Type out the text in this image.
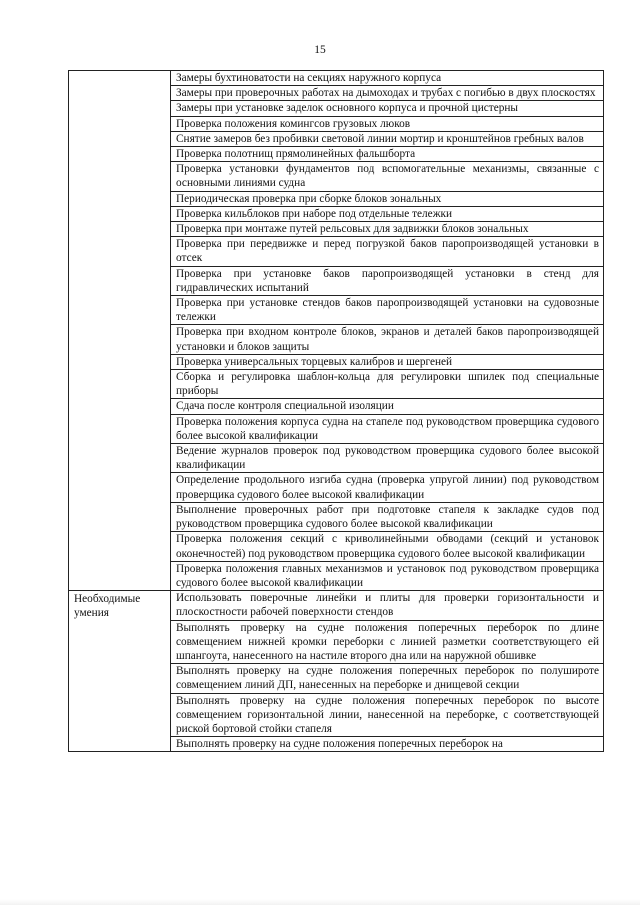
15
	Замеры бухтиноватости на секциях наружного корпуса
	Замеры при проверочных работах на дымоходах и трубах с погибью в двух плоскостях
	Замеры при установке заделок основного корпуса и прочной цистерны
	Проверка положения комингсов грузовых люков
	Снятие замеров без пробивки световой линии мортир и кронштейнов гребных валов
	Проверка полотнищ прямолинейных фальшборта
	Проверка установки фундаментов под вспомогательные механизмы, связанные с основными линиями судна
	Периодическая проверка при сборке блоков зональных
	Проверка кильблоков при наборе под отдельные тележки
	Проверка при монтаже путей рельсовых для задвижки блоков зональных
	Проверка при передвижке и перед погрузкой баков паропроизводящей установки в отсек
	Проверка при установке баков паропроизводящей установки в стенд для гидравлических испытаний
	Проверка при установке стендов баков паропроизводящей установки на судовозные тележки
	Проверка при входном контроле блоков, экранов и деталей баков паропроизводящей установки и блоков защиты
	Проверка универсальных торцевых калибров и шергеней
	Сборка и регулировка шаблон-кольца для регулировки шпилек под специальные приборы
	Сдача после контроля специальной изоляции
	Проверка положения корпуса судна на стапеле под руководством проверщика судового более высокой квалификации
	Ведение журналов проверок под руководством проверщика судового более высокой квалификации
	Определение продольного изгиба судна (проверка упругой линии) под руководством проверщика судового более высокой квалификации
	Выполнение проверочных работ при подготовке стапеля к закладке судов под руководством проверщика судового более высокой квалификации
	Проверка положения секций с криволинейными обводами (секций и установок оконечностей) под руководством проверщика судового более высокой квалификации
	Проверка положения главных механизмов и установок под руководством проверщика судового более высокой квалификации
Необходимые умения	Использовать поверочные линейки и плиты для проверки горизонтальности и плоскостности рабочей поверхности стендов
	Выполнять проверку на судне положения поперечных переборок по длине совмещением нижней кромки переборки с линией разметки соответствующего ей шпангоута, нанесенного на настиле второго дна или на наружной обшивке
	Выполнять проверку на судне положения поперечных переборок по полушироте совмещением линий ДП, нанесенных на переборке и днищевой секции
	Выполнять проверку на судне положения поперечных переборок по высоте совмещением горизонтальной линии, нанесенной на переборке, с соответствующей риской бортовой стойки стапеля
	Выполнять проверку на судне положения поперечных переборок на
